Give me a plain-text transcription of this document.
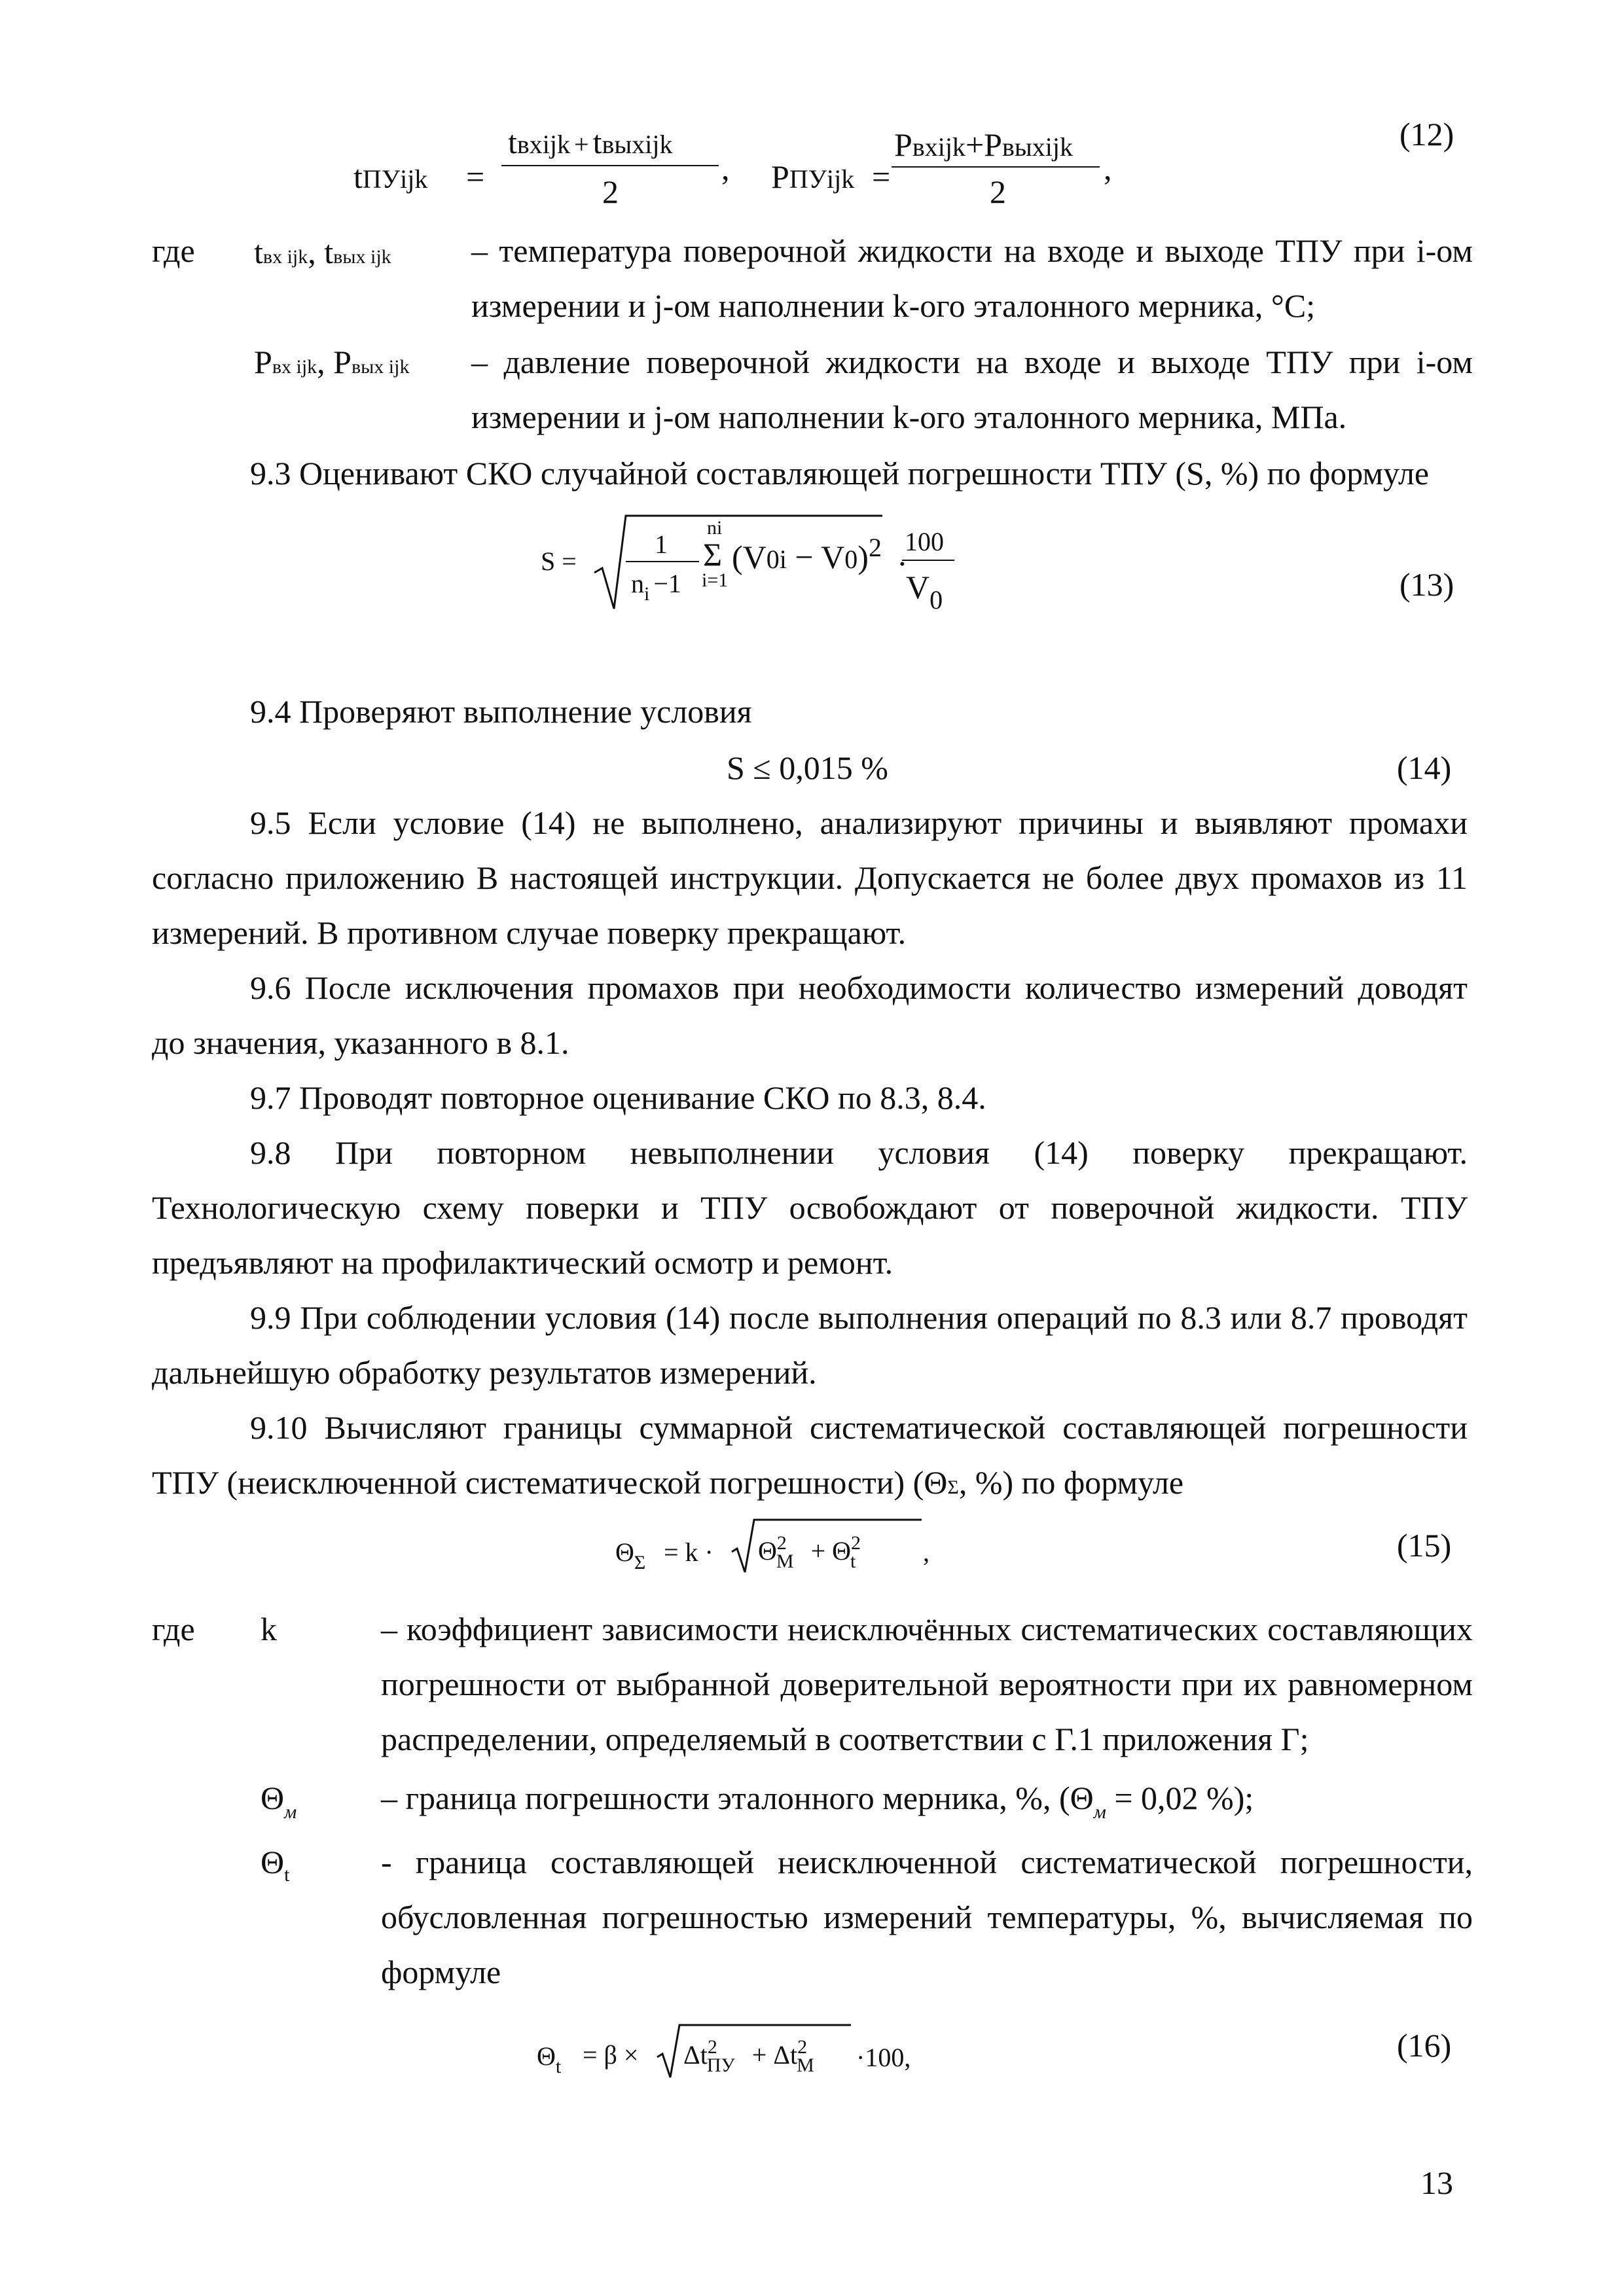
tПУijk =
tвхijk + tвыхijk
2
, PПУijk =
Pвхijk+Pвыхijk
2
,
(12)
где tвх ijk, tвых ijk – температура поверочной жидкости на входе и выходе ТПУ при i-ом
измерении и j-ом наполнении k-ого эталонного мерника, °С;
Pвх ijk, Pвых ijk – давление поверочной жидкости на входе и выходе ТПУ при i-ом
измерении и j-ом наполнении k-ого эталонного мерника, МПа.
9.3 Оценивают СКО случайной составляющей погрешности ТПУ (S, %) по формуле
S =
1
$n_i -1$
ni
Σ
i=1
$(V0i - V0)^2$ ·
100
$V_0$	(13)
9.4 Проверяют выполнение условия
S ≤ 0,015 %	(14)
9.5 Если условие (14) не выполнено, анализируют причины и выявляют промахи
согласно приложению В настоящей инструкции. Допускается не более двух промахов из 11
измерений. В противном случае поверку прекращают.
9.6 После исключения промахов при необходимости количество измерений доводят
до значения, указанного в 8.1.
9.7 Проводят повторное оценивание СКО по 8.3, 8.4.
9.8 При повторном невыполнении условия (14) поверку прекращают.
Технологическую схему поверки и ТПУ освобождают от поверочной жидкости. ТПУ
предъявляют на профилактический осмотр и ремонт.
9.9 При соблюдении условия (14) после выполнения операций по 8.3 или 8.7 проводят
дальнейшую обработку результатов измерений.
9.10 Вычисляют границы суммарной систематической составляющей погрешности
ТПУ (неисключенной систематической погрешности) (ΘΣ, %) по формуле
$\Theta_\Sigma = k \cdot \Theta^2_М + \Theta^2_t$	,	(15)
где k	– коэффициент зависимости неисключённых систематических составляющих
погрешности от выбранной доверительной вероятности при их равномерном
распределении, определяемый в соответствии с Г.1 приложения Г;
$\Theta_м$	– граница погрешности эталонного мерника, %, ($\Theta_м = 0,02$ %);
$\Theta_t$	- граница составляющей неисключенной систематической погрешности,
обусловленная погрешностью измерений температуры, %, вычисляемая по
формуле
$\Theta_t = \beta \times \Delta t^2_{ПУ} + \Delta t^2_М$	·100,	(16)
13
